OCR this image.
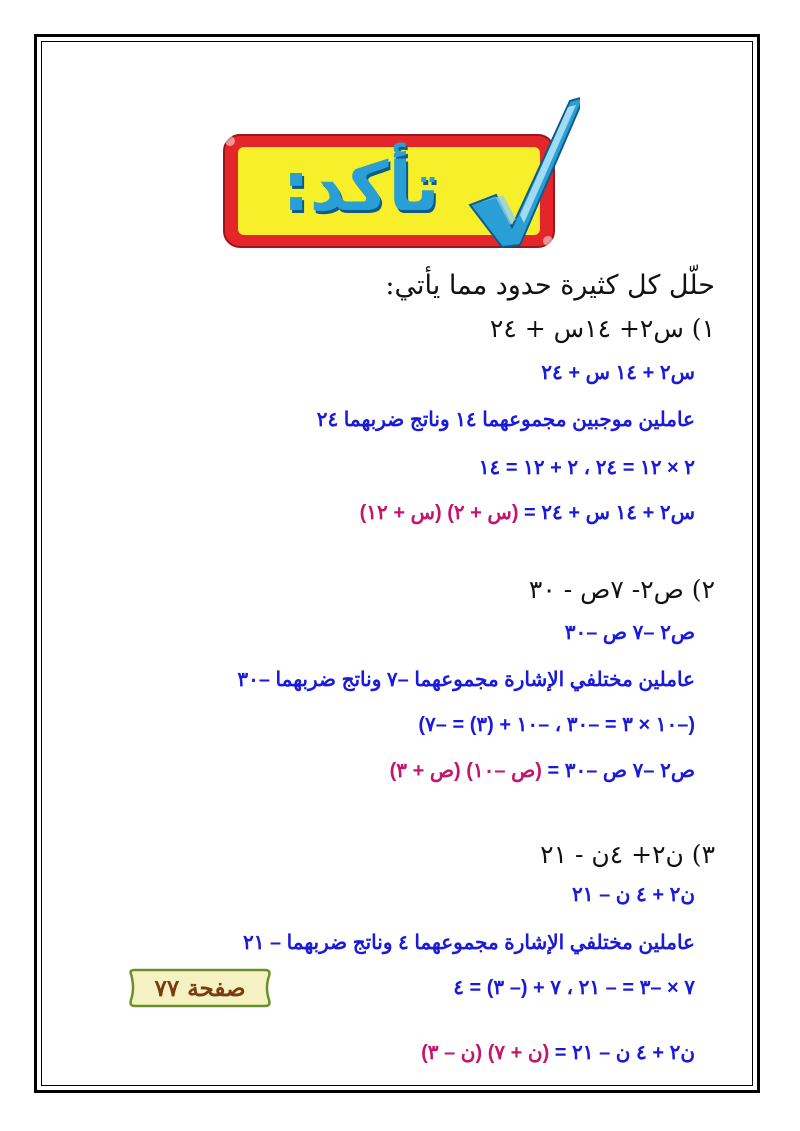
تأكد:
حلّل كل كثيرة حدود مما يأتي:
١) س٢+ ١٤س + ٢٤
س٢ + ١٤ س + ٢٤
عاملين موجبين مجموعهما ١٤ وناتج ضربهما ٢٤
٢ × ١٢ = ٢٤ ، ٢ + ١٢ = ١٤
س٢ + ١٤ س + ٢٤ = (س + ٢) (س + ١٢)
٢) ص٢- ٧ص - ٣٠
ص٢ –٧ ص –٣٠
عاملين مختلفي الإشارة مجموعهما –٧ وناتج ضربهما –٣٠
(–١٠ × ٣ = –٣٠ ، –١٠ + (٣) = –٧)
ص٢ –٧ ص –٣٠ = (ص –١٠) (ص + ٣)
٣) ن٢+ ٤ن - ٢١
ن٢ + ٤ ن – ٢١
عاملين مختلفي الإشارة مجموعهما ٤ وناتج ضربهما – ٢١
٧ × –٣ = – ٢١ ، ٧ + (– ٣) = ٤
ن٢ + ٤ ن – ٢١ = (ن + ٧) (ن – ٣)
صفحة ٧٧
